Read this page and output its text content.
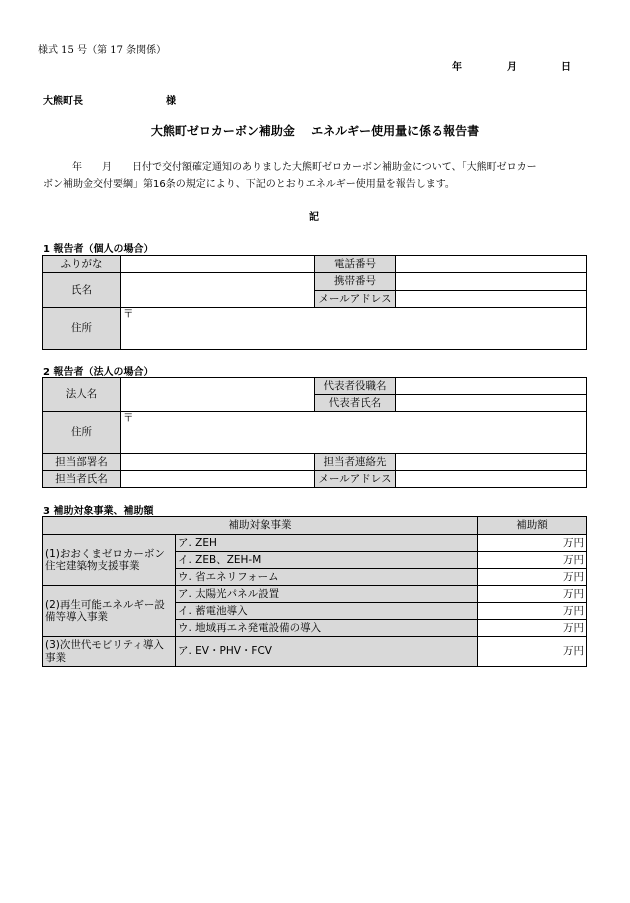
様式 15 号（第 17 条関係）
年	月	日
大熊町長	様
大熊町ゼロカーボン補助金　 エネルギー使用量に係る報告書
年　　月　　日付で交付額確定通知のありました大熊町ゼロカーボン補助金について、「大熊町ゼロカー
ボン補助金交付要綱」第16条の規定により、下記のとおりエネルギー使用量を報告します。
記
1 報告者（個人の場合）
ふりがな		電話番号	
氏名		携帯番号	
		メールアドレス	
住所	〒		
2 報告者（法人の場合）
法人名		代表者役職名	
		代表者氏名	
住所	〒		
担当部署名		担当者連絡先	
担当者氏名		メールアドレス	
3 補助対象事業、補助額
補助対象事業		補助額
(1)おおくまゼロカーボン住宅建築物支援事業	ア. ZEH	万円
	イ. ZEB、ZEH-M	万円
	ウ. 省エネリフォーム	万円
(2)再生可能エネルギー設備等導入事業	ア. 太陽光パネル設置	万円
	イ. 蓄電池導入	万円
	ウ. 地域再エネ発電設備の導入	万円
(3)次世代モビリティ導入事業	ア. EV・PHV・FCV	万円
